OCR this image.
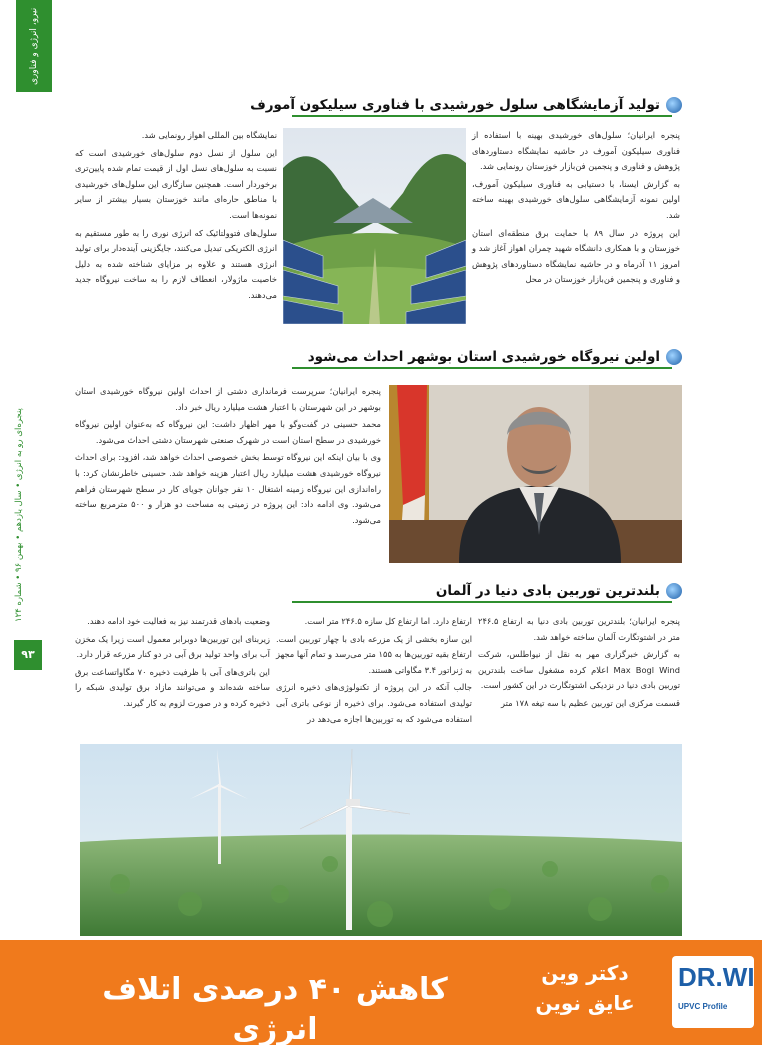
نیرو، انرژی و فناوری
پنجره‌ای رو به انرژی • سال یازدهم • بهمن ۹۶ • شماره ۱۲۴
۹۳
تولید آزمایشگاهی سلول خورشیدی با فناوری سیلیکون آمورف

پنجره ایرانیان؛ سلول‌های خورشیدی بهینه با استفاده از فناوری سیلیکون آمورف در حاشیه نمایشگاه دستاوردهای پژوهش و فناوری و پنجمین فن‌بازار خوزستان رونمایی شد.

به گزارش ایسنا، با دستیابی به فناوری سیلیکون آمورف، اولین نمونه آزمایشگاهی سلول‌های خورشیدی بهینه ساخته شد.

این پروژه در سال ۸۹ با حمایت برق منطقه‌ای استان خوزستان و با همکاری دانشگاه شهید چمران اهواز آغاز شد و امروز ۱۱ آذرماه و در حاشیه نمایشگاه دستاوردهای پژوهش و فناوری و پنجمین فن‌بازار خوزستان در محل

نمایشگاه بین المللی اهواز رونمایی شد.

این سلول از نسل دوم سلول‌های خورشیدی است که نسبت به سلول‌های نسل اول از قیمت تمام شده پایین‌تری برخوردار است. همچنین سازگاری این سلول‌های خورشیدی با مناطق حاره‌ای مانند خوزستان بسیار بیشتر از سایر نمونه‌ها است.

سلول‌های فتوولتائیک که انرژی نوری را به طور مستقیم به انرژی الکتریکی تبدیل می‌کنند، جایگزینی آینده‌دار برای تولید انرژی هستند و علاوه بر مزایای شناخته شده به دلیل خاصیت ماژولار، انعطاف لازم را به ساخت نیروگاه جدید می‌دهند.

اولین نیروگاه خورشیدی استان بوشهر احداث می‌شود

پنجره ایرانیان؛ سرپرست فرمانداری دشتی از احداث اولین نیروگاه خورشیدی استان بوشهر در این شهرستان با اعتبار هشت میلیارد ریال خبر داد.

محمد حسینی در گفت‌وگو با مهر اظهار داشت: این نیروگاه که به‌عنوان اولین نیروگاه خورشیدی در سطح استان است در شهرک صنعتی شهرستان دشتی احداث می‌شود.

وی با بیان اینکه این نیروگاه توسط بخش خصوصی احداث خواهد شد، افزود: برای احداث نیروگاه خورشیدی هشت میلیارد ریال اعتبار هزینه خواهد شد. حسینی خاطرنشان کرد: با راه‌اندازی این نیروگاه زمینه اشتغال ۱۰ نفر جوانان جویای کار در سطح شهرستان فراهم می‌شود. وی ادامه داد: این پروژه در زمینی به مساحت دو هزار و ۵۰۰ مترمربع ساخته می‌شود.

بلندترین توربین بادی دنیا در آلمان

پنجره ایرانیان؛ بلندترین توربین بادی دنیا به ارتفاع ۲۴۶.۵ متر در اشتوتگارت آلمان ساخته خواهد شد.

به گزارش خبرگزاری مهر به نقل از نیواطلس، شرکت Max Bogl Wind اعلام کرده مشغول ساخت بلندترین توربین بادی دنیا در نزدیکی اشتوتگارت در این کشور است.

قسمت مرکزی این توربین عظیم با سه تیغه ۱۷۸ متر

ارتفاع دارد. اما ارتفاع کل سازه ۲۴۶.۵ متر است.

این سازه بخشی از یک مزرعه بادی با چهار توربین است. ارتفاع بقیه توربین‌ها به ۱۵۵ متر می‌رسد و تمام آنها مجهز به ژنراتور ۳.۴ مگاواتی هستند.

جالب آنکه در این پروژه از تکنولوژی‌های ذخیره انرژی تولیدی استفاده می‌شود. برای ذخیره از نوعی باتری آبی استفاده می‌شود که به توربین‌ها اجازه می‌دهد در

وضعیت بادهای قدرتمند نیز به فعالیت خود ادامه دهند.

زیربنای این توربین‌ها دوبرابر معمول است زیرا یک مخزن آب برای واحد تولید برق آبی در دو کنار مزرعه قرار دارد.

این باتری‌های آبی با ظرفیت ذخیره ۷۰ مگاواتساعت برق ساخته شده‌اند و می‌توانند مازاد برق تولیدی شبکه را ذخیره کرده و در صورت لزوم به کار گیرند.

کاهش ۴۰ درصدی اتلاف انرژی
دکتر وین
عایق نوین
DR.WI
UPVC Profile
